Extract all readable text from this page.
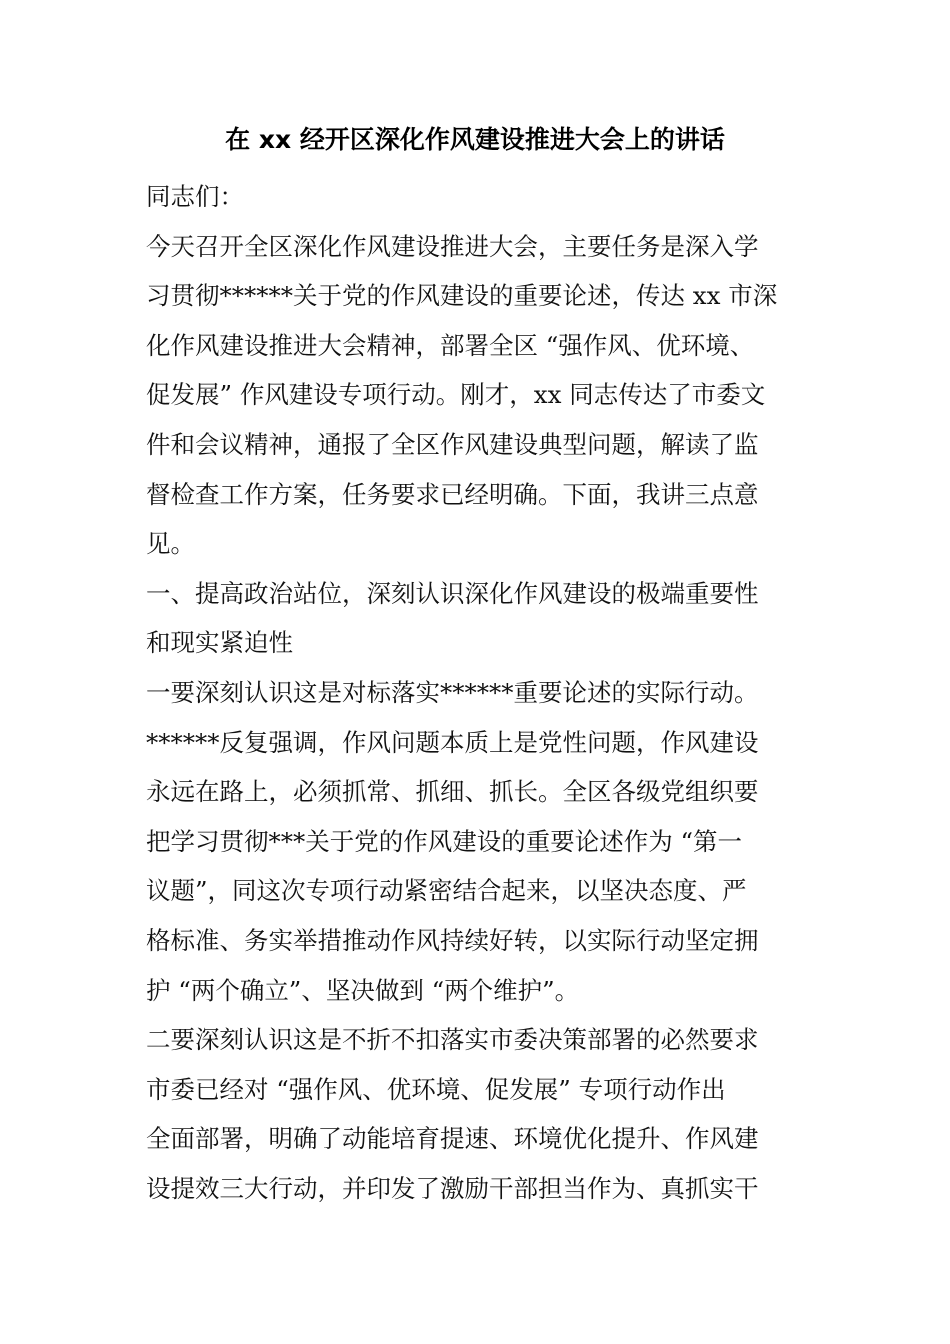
在 xx 经开区深化作风建设推进大会上的讲话
同志们：
今天召开全区深化作风建设推进大会，主要任务是深入学
习贯彻******关于党的作风建设的重要论述，传达 xx 市深
化作风建设推进大会精神，部署全区 “强作风、优环境、
促发展” 作风建设专项行动。刚才，xx 同志传达了市委文
件和会议精神，通报了全区作风建设典型问题，解读了监
督检查工作方案，任务要求已经明确。下面，我讲三点意
见。
一、提高政治站位，深刻认识深化作风建设的极端重要性
和现实紧迫性
一要深刻认识这是对标落实******重要论述的实际行动。
******反复强调，作风问题本质上是党性问题，作风建设
永远在路上，必须抓常、抓细、抓长。全区各级党组织要
把学习贯彻***关于党的作风建设的重要论述作为 “第一
议题”，同这次专项行动紧密结合起来，以坚决态度、严
格标准、务实举措推动作风持续好转，以实际行动坚定拥
护 “两个确立”、坚决做到 “两个维护”。
二要深刻认识这是不折不扣落实市委决策部署的必然要求
市委已经对 “强作风、优环境、促发展” 专项行动作出
全面部署，明确了动能培育提速、环境优化提升、作风建
设提效三大行动，并印发了激励干部担当作为、真抓实干
